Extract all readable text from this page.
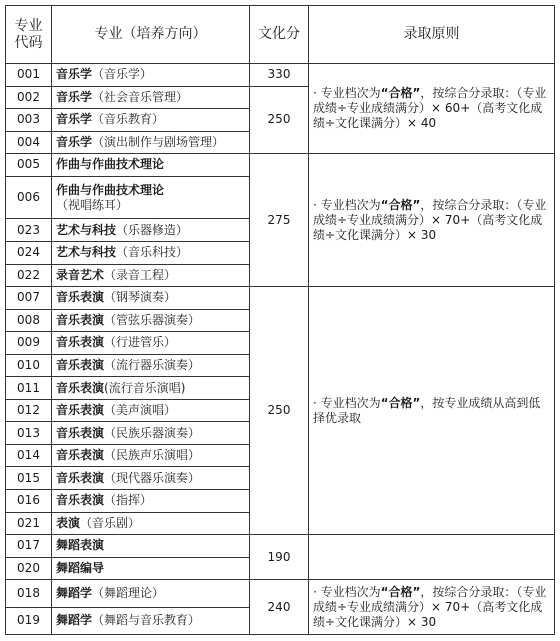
专业代码	专业（培养方向）	文化分	录取原则
001	音乐学（音乐学）	330	· 专业档次为“合格”，按综合分录取：（专业成绩÷专业成绩满分）× 60+（高考文化成绩÷文化课满分）× 40
002	音乐学（社会音乐管理）	250	
003	音乐学（音乐教育）		
004	音乐学（演出制作与剧场管理）		
005	作曲与作曲技术理论	275	· 专业档次为“合格”，按综合分录取：（专业成绩÷专业成绩满分）× 70+（高考文化成绩÷文化课满分）× 30
006	作曲与作曲技术理论
（视唱练耳）		
023	艺术与科技（乐器修造）		
024	艺术与科技（音乐科技）		
022	录音艺术（录音工程）		
007	音乐表演（钢琴演奏）	250	· 专业档次为“合格”，按专业成绩从高到低择优录取
008	音乐表演（管弦乐器演奏）		
009	音乐表演（行进管乐）		
010	音乐表演（流行器乐演奏）		
011	音乐表演(流行音乐演唱)		
012	音乐表演（美声演唱）		
013	音乐表演（民族乐器演奏）		
014	音乐表演（民族声乐演唱）		
015	音乐表演（现代器乐演奏）		
016	音乐表演（指挥）		
021	表演（音乐剧）		
017	舞蹈表演	190	
020	舞蹈编导		
018	舞蹈学（舞蹈理论）	240	· 专业档次为“合格”，按综合分录取：（专业成绩÷专业成绩满分）× 70+（高考文化成绩÷文化课满分）× 30
019	舞蹈学（舞蹈与音乐教育）		
